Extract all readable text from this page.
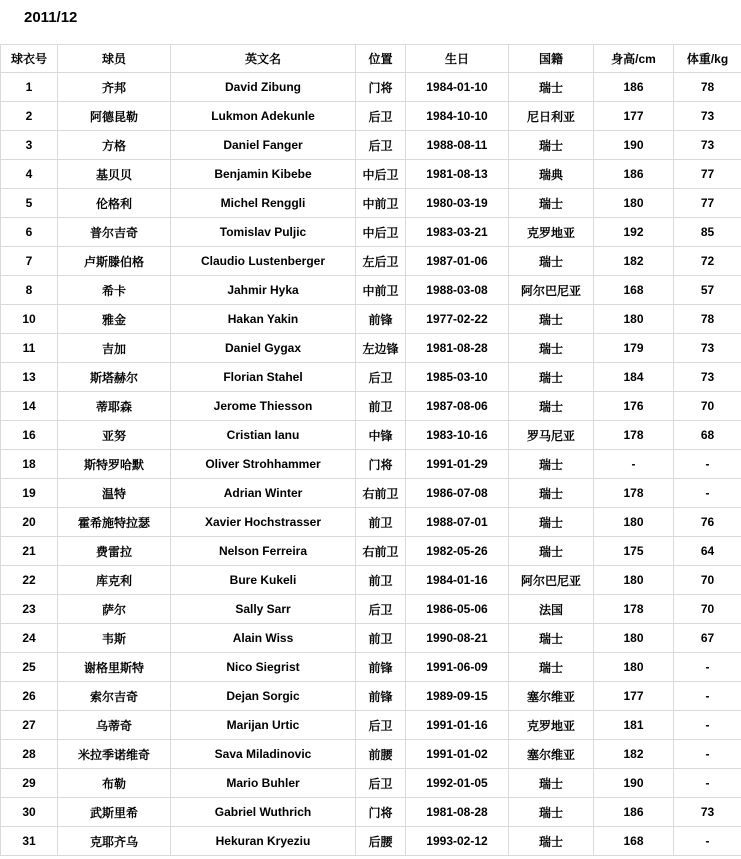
2011/12
球衣号	球员	英文名	位置	生日	国籍	身高/cm	体重/kg
1	齐邦	David Zibung	门将	1984-01-10	瑞士	186	78
2	阿德昆勒	Lukmon Adekunle	后卫	1984-10-10	尼日利亚	177	73
3	方格	Daniel Fanger	后卫	1988-08-11	瑞士	190	73
4	基贝贝	Benjamin Kibebe	中后卫	1981-08-13	瑞典	186	77
5	伦格利	Michel Renggli	中前卫	1980-03-19	瑞士	180	77
6	普尔吉奇	Tomislav Puljic	中后卫	1983-03-21	克罗地亚	192	85
7	卢斯滕伯格	Claudio Lustenberger	左后卫	1987-01-06	瑞士	182	72
8	希卡	Jahmir Hyka	中前卫	1988-03-08	阿尔巴尼亚	168	57
10	雅金	Hakan Yakin	前锋	1977-02-22	瑞士	180	78
11	吉加	Daniel Gygax	左边锋	1981-08-28	瑞士	179	73
13	斯塔赫尔	Florian Stahel	后卫	1985-03-10	瑞士	184	73
14	蒂耶森	Jerome Thiesson	前卫	1987-08-06	瑞士	176	70
16	亚努	Cristian Ianu	中锋	1983-10-16	罗马尼亚	178	68
18	斯特罗哈默	Oliver Strohhammer	门将	1991-01-29	瑞士	-	-
19	温特	Adrian Winter	右前卫	1986-07-08	瑞士	178	-
20	霍希施特拉瑟	Xavier Hochstrasser	前卫	1988-07-01	瑞士	180	76
21	费雷拉	Nelson Ferreira	右前卫	1982-05-26	瑞士	175	64
22	库克利	Bure Kukeli	前卫	1984-01-16	阿尔巴尼亚	180	70
23	萨尔	Sally Sarr	后卫	1986-05-06	法国	178	70
24	韦斯	Alain Wiss	前卫	1990-08-21	瑞士	180	67
25	谢格里斯特	Nico Siegrist	前锋	1991-06-09	瑞士	180	-
26	索尔吉奇	Dejan Sorgic	前锋	1989-09-15	塞尔维亚	177	-
27	乌蒂奇	Marijan Urtic	后卫	1991-01-16	克罗地亚	181	-
28	米拉季诺维奇	Sava Miladinovic	前腰	1991-01-02	塞尔维亚	182	-
29	布勒	Mario Buhler	后卫	1992-01-05	瑞士	190	-
30	武斯里希	Gabriel Wuthrich	门将	1981-08-28	瑞士	186	73
31	克耶齐乌	Hekuran Kryeziu	后腰	1993-02-12	瑞士	168	-
